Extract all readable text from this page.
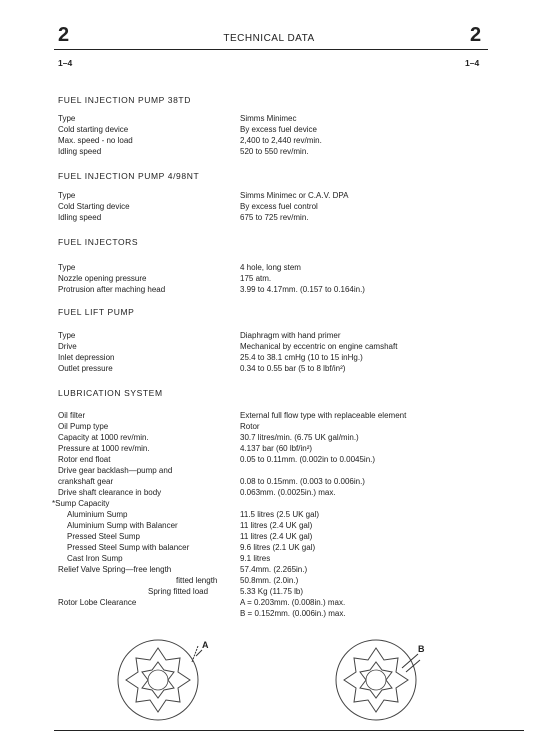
2	TECHNICAL DATA	2
1–4	1–4
FUEL INJECTION PUMP 38TD
Type	Simms Minimec
Cold starting device	By excess fuel device
Max. speed - no load	2,400 to 2,440 rev/min.
Idling speed	520 to 550 rev/min.
FUEL INJECTION PUMP 4/98NT
Type	Simms Minimec or C.A.V. DPA
Cold Starting device	By excess fuel control
Idling speed	675 to 725 rev/min.
FUEL INJECTORS
Type	4 hole, long stem
Nozzle opening pressure	175 atm.
Protrusion after maching head	3.99 to 4.17mm. (0.157 to 0.164in.)
FUEL LIFT PUMP
Type	Diaphragm with hand primer
Drive	Mechanical by eccentric on engine camshaft
Inlet depression	25.4 to 38.1 cmHg (10 to 15 inHg.)
Outlet pressure	0.34 to 0.55 bar (5 to 8 lbf/in²)
LUBRICATION SYSTEM
Oil filter	External full flow type with replaceable element
Oil Pump type	Rotor
Capacity at 1000 rev/min.	30.7 litres/min. (6.75 UK gal/min.)
Pressure at 1000 rev/min.	4.137 bar (60 lbf/in²)
Rotor end float	0.05 to 0.11mm. (0.002in to 0.0045in.)
Drive gear backlash—pump and
crankshaft gear	0.08 to 0.15mm. (0.003 to 0.006in.)
Drive shaft clearance in body	0.063mm. (0.0025in.) max.
*Sump Capacity
Aluminium Sump	11.5 litres (2.5 UK gal)
Aluminium Sump with Balancer	11 litres (2.4 UK gal)
Pressed Steel Sump	11 litres (2.4 UK gal)
Pressed Steel Sump with balancer	9.6 litres (2.1 UK gal)
Cast Iron Sump	9.1 litres
Relief Valve Spring—free length	57.4mm. (2.265in.)
fitted length	50.8mm. (2.0in.)
Spring fitted load	5.33 Kg (11.75 lb)
Rotor Lobe Clearance	A = 0.203mm. (0.008in.) max.
B = 0.152mm. (0.006in.) max.
A	B
